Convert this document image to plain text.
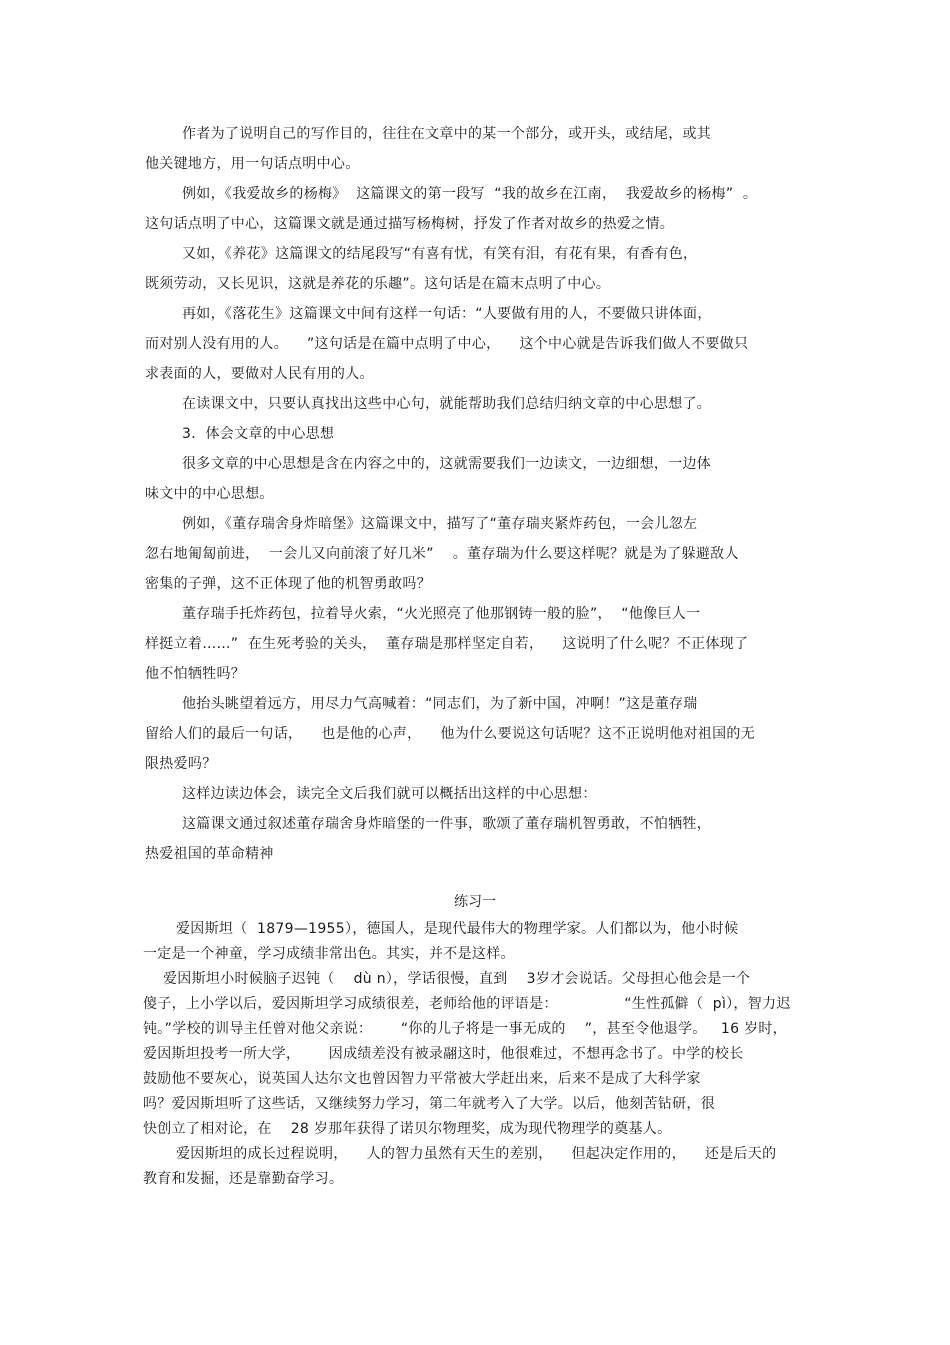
作者为了说明自己的写作目的，往往在文章中的某一个部分，或开头，或结尾，或其
他关键地方，用一句话点明中心。
例如，《我爱故乡的杨梅》  这篇课文的第一段写  “我的故乡在江南，  我爱故乡的杨梅”  。
这句话点明了中心，这篇课文就是通过描写杨梅树，抒发了作者对故乡的热爱之情。
又如，《养花》这篇课文的结尾段写“有喜有忧，有笑有泪，有花有果，有香有色，
既须劳动，又长见识，这就是养花的乐趣”。这句话是在篇末点明了中心。
再如，《落花生》这篇课文中间有这样一句话：“人要做有用的人，不要做只讲体面，
而对别人没有用的人。    ”这句话是在篇中点明了中心，    这个中心就是告诉我们做人不要做只
求表面的人，要做对人民有用的人。
在读课文中，只要认真找出这些中心句，就能帮助我们总结归纳文章的中心思想了。
3．体会文章的中心思想
很多文章的中心思想是含在内容之中的，这就需要我们一边读文，一边细想，一边体
味文中的中心思想。
例如，《董存瑞舍身炸暗堡》这篇课文中，描写了“董存瑞夹紧炸药包，一会儿忽左
忽右地匍匐前进，  一会儿又向前滚了好几米”    。董存瑞为什么要这样呢？就是为了躲避敌人
密集的子弹，这不正体现了他的机智勇敢吗？
董存瑞手托炸药包，拉着导火索，“火光照亮了他那钢铸一般的脸”，  “他像巨人一
样挺立着……”  在生死考验的关头，  董存瑞是那样坚定自若，    这说明了什么呢？不正体现了
他不怕牺牲吗？
他抬头眺望着远方，用尽力气高喊着：“同志们，为了新中国，冲啊！”这是董存瑞
留给人们的最后一句话，    也是他的心声，    他为什么要说这句话呢？这不正说明他对祖国的无
限热爱吗？
这样边读边体会，读完全文后我们就可以概括出这样的中心思想：
这篇课文通过叙述董存瑞舍身炸暗堡的一件事，歌颂了董存瑞机智勇敢，不怕牺牲，
热爱祖国的革命精神
练习一
爱因斯坦（  1879—1955），德国人，是现代最伟大的物理学家。人们都以为，他小时候
一定是一个神童，学习成绩非常出色。其实，并不是这样。
爱因斯坦小时候脑子迟钝（    dù n），学话很慢，直到    3岁才会说话。父母担心他会是一个
傻子，上小学以后，爱因斯坦学习成绩很差，老师给他的评语是：              “生性孤僻（  pì），智力迟
钝。”学校的训导主任曾对他父亲说：      “你的儿子将是一事无成的    ”，甚至令他退学。   16 岁时，
爱因斯坦投考一所大学，      因成绩差没有被录翮这时，他很难过，不想再念书了。中学的校长
鼓励他不要灰心，说英国人达尔文也曾因智力平常被大学赶出来，后来不是成了大科学家
吗？爱因斯坦听了这些话，又继续努力学习，第二年就考入了大学。以后，他刻苦钻研，很
快创立了相对论，在    28 岁那年获得了诺贝尔物理奖，成为现代物理学的奠基人。
爱因斯坦的成长过程说明，    人的智力虽然有天生的差别，    但起决定作用的，    还是后天的
教育和发掘，还是靠勤奋学习。
